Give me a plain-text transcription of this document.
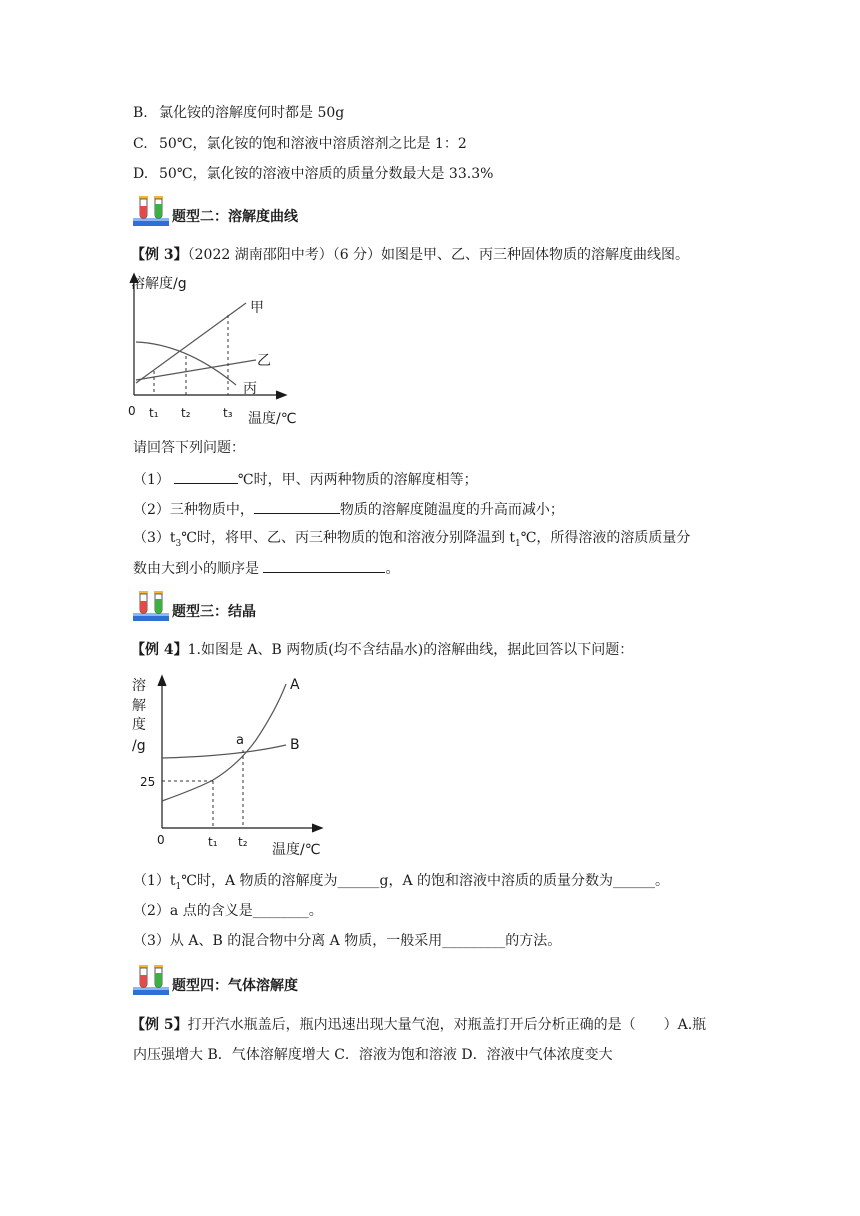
B. 氯化铵的溶解度何时都是 50g
C. 50℃，氯化铵的饱和溶液中溶质溶剂之比是 1：2
D. 50℃，氯化铵的溶液中溶质的质量分数最大是 33.3%
题型二：溶解度曲线
【例 3】（2022 湖南邵阳中考）（6 分）如图是甲、乙、丙三种固体物质的溶解度曲线图。
溶解度/g
0 t₁ t₂	t₃ 温度/℃
甲
乙
丙
请回答下列问题：
（1）	℃时，甲、丙两种物质的溶解度相等；
（2）三种物质中，	物质的溶解度随温度的升高而减小；
$(3)t_3℃$时，将甲、乙、丙三种物质的饱和溶液分别降温到 $t_1℃$，所得溶液的溶质质量分
数由大到小的顺序是	。
题型三：结晶
【例 4】1.如图是 A、B 两物质(均不含结晶水)的溶解曲线，据此回答以下问题：
溶
解
度
/g
25
0	t₁ t₂ 温度/℃
a
A
B
$(1)t_1℃$时，A 物质的溶解度为______g，A 的饱和溶液中溶质的质量分数为______。
（2）a 点的含义是________。
（3）从 A、B 的混合物中分离 A 物质，一般采用_________的方法。
题型四：气体溶解度
【例 5】打开汽水瓶盖后，瓶内迅速出现大量气泡，对瓶盖打开后分析正确的是（　　）A.瓶
内压强增大 B．气体溶解度增大 C．溶液为饱和溶液 D．溶液中气体浓度变大
